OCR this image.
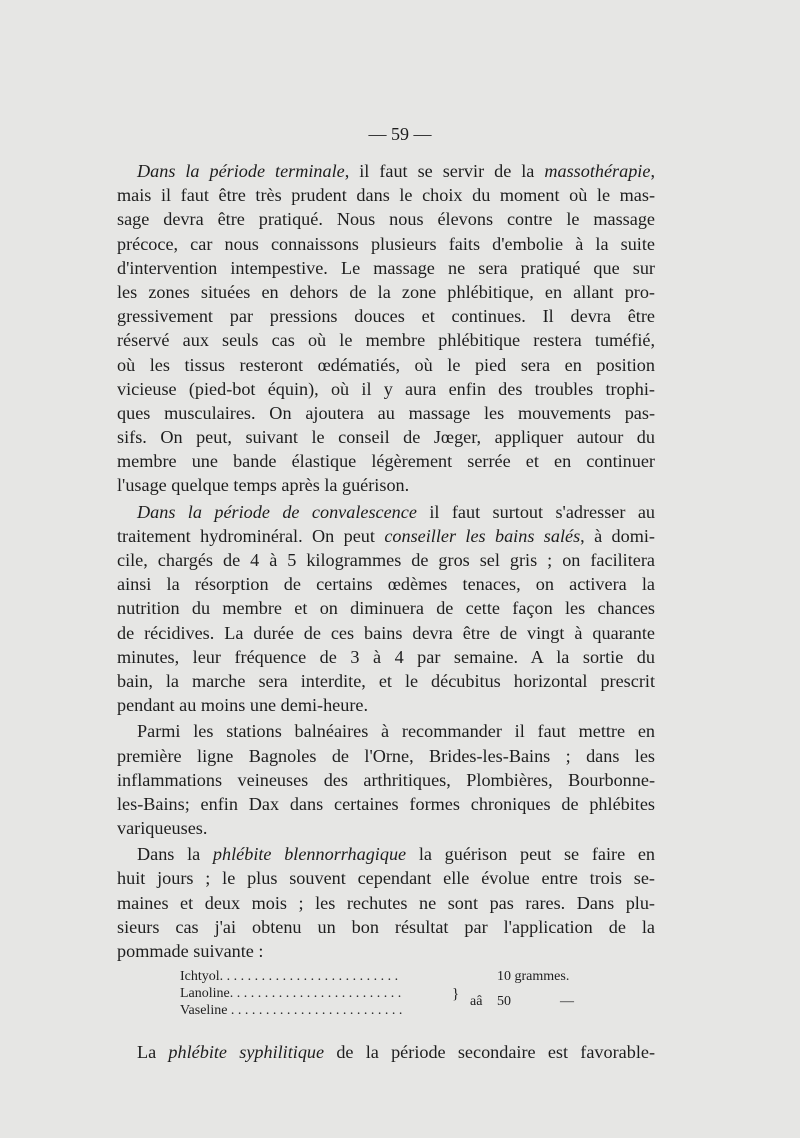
— 59 —
Dans la période terminale, il faut se servir de la massothérapie,
mais il faut être très prudent dans le choix du moment où le mas-
sage devra être pratiqué. Nous nous élevons contre le massage
précoce, car nous connaissons plusieurs faits d'embolie à la suite
d'intervention intempestive. Le massage ne sera pratiqué que sur
les zones situées en dehors de la zone phlébitique, en allant pro-
gressivement par pressions douces et continues. Il devra être
réservé aux seuls cas où le membre phlébitique restera tuméfié,
où les tissus resteront œdématiés, où le pied sera en position
vicieuse (pied-bot équin), où il y aura enfin des troubles trophi-
ques musculaires. On ajoutera au massage les mouvements pas-
sifs. On peut, suivant le conseil de Jœger, appliquer autour du
membre une bande élastique légèrement serrée et en continuer
l'usage quelque temps après la guérison.
Dans la période de convalescence il faut surtout s'adresser au
traitement hydrominéral. On peut conseiller les bains salés, à domi-
cile, chargés de 4 à 5 kilogrammes de gros sel gris ; on facilitera
ainsi la résorption de certains œdèmes tenaces, on activera la
nutrition du membre et on diminuera de cette façon les chances
de récidives. La durée de ces bains devra être de vingt à quarante
minutes, leur fréquence de 3 à 4 par semaine. A la sortie du
bain, la marche sera interdite, et le décubitus horizontal prescrit
pendant au moins une demi-heure.
Parmi les stations balnéaires à recommander il faut mettre en
première ligne Bagnoles de l'Orne, Brides-les-Bains ; dans les
inflammations veineuses des arthritiques, Plombières, Bourbonne-
les-Bains; enfin Dax dans certaines formes chroniques de phlébites
variqueuses.
Dans la phlébite blennorrhagique la guérison peut se faire en
huit jours ; le plus souvent cependant elle évolue entre trois se-
maines et deux mois ; les rechutes ne sont pas rares. Dans plu-
sieurs cas j'ai obtenu un bon résultat par l'application de la
pommade suivante :
Ichtyol. . . . . . . . . . . . . . . . . . . . . . . . . .	10 grammes.
Lanoline. . . . . . . . . . . . . . . . . . . . . . . . .
Vaseline . . . . . . . . . . . . . . . . . . . . . . . . .
} aâ 50	—
La phlébite syphilitique de la période secondaire est favorable-
